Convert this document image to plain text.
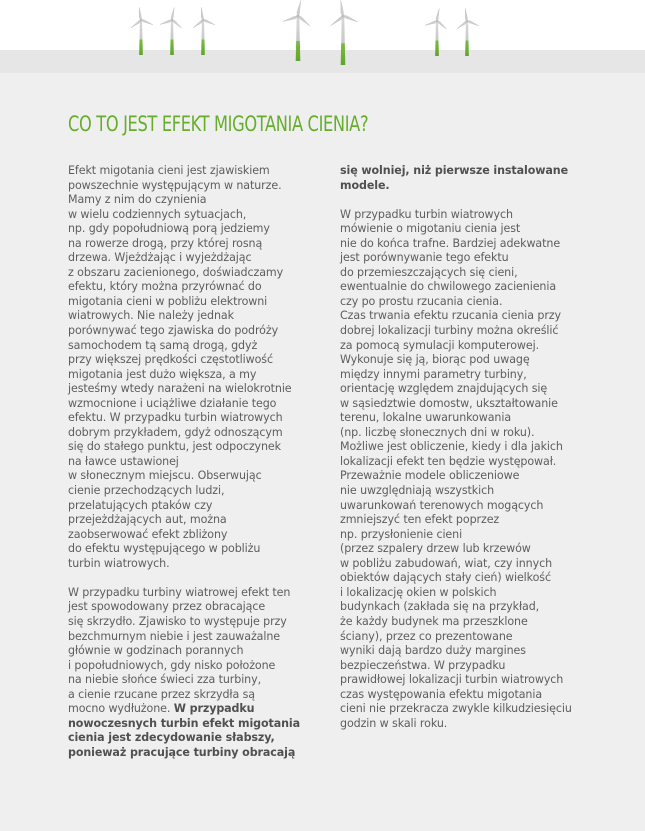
CO TO JEST EFEKT MIGOTANIA CIENIA?

Efekt migotania cieni jest zjawiskiem
powszechnie występującym w naturze.
Mamy z nim do czynienia
w wielu codziennych sytuacjach,
np. gdy popołudniową porą jedziemy
na rowerze drogą, przy której rosną
drzewa. Wjeżdżając i wyjeżdżając
z obszaru zacienionego, doświadczamy
efektu, który można przyrównać do
migotania cieni w pobliżu elektrowni
wiatrowych. Nie należy jednak
porównywać tego zjawiska do podróży
samochodem tą samą drogą, gdyż
przy większej prędkości częstotliwość
migotania jest dużo większa, a my
jesteśmy wtedy narażeni na wielokrotnie
wzmocnione i uciążliwe działanie tego
efektu. W przypadku turbin wiatrowych
dobrym przykładem, gdyż odnoszącym
się do stałego punktu, jest odpoczynek
na ławce ustawionej
w słonecznym miejscu. Obserwując
cienie przechodzących ludzi,
przelatujących ptaków czy
przejeżdżających aut, można
zaobserwować efekt zbliżony
do efektu występującego w pobliżu
turbin wiatrowych.

W przypadku turbiny wiatrowej efekt ten
jest spowodowany przez obracające
się skrzydło. Zjawisko to występuje przy
bezchmurnym niebie i jest zauważalne
głównie w godzinach porannych
i popołudniowych, gdy nisko położone
na niebie słońce świeci zza turbiny,
a cienie rzucane przez skrzydła są
mocno wydłużone. W przypadku
nowoczesnych turbin efekt migotania
cienia jest zdecydowanie słabszy,
ponieważ pracujące turbiny obracają

się wolniej, niż pierwsze instalowane
modele.

W przypadku turbin wiatrowych
mówienie o migotaniu cienia jest
nie do końca trafne. Bardziej adekwatne
jest porównywanie tego efektu
do przemieszczających się cieni,
ewentualnie do chwilowego zacienienia
czy po prostu rzucania cienia.
Czas trwania efektu rzucania cienia przy
dobrej lokalizacji turbiny można określić
za pomocą symulacji komputerowej.
Wykonuje się ją, biorąc pod uwagę
między innymi parametry turbiny,
orientację względem znajdujących się
w sąsiedztwie domostw, ukształtowanie
terenu, lokalne uwarunkowania
(np. liczbę słonecznych dni w roku).
Możliwe jest obliczenie, kiedy i dla jakich
lokalizacji efekt ten będzie występował.
Przeważnie modele obliczeniowe
nie uwzględniają wszystkich
uwarunkowań terenowych mogących
zmniejszyć ten efekt poprzez
np. przysłonienie cieni
(przez szpalery drzew lub krzewów
w pobliżu zabudowań, wiat, czy innych
obiektów dających stały cień) wielkość
i lokalizację okien w polskich
budynkach (zakłada się na przykład,
że każdy budynek ma przeszklone
ściany), przez co prezentowane
wyniki dają bardzo duży margines
bezpieczeństwa. W przypadku
prawidłowej lokalizacji turbin wiatrowych
czas występowania efektu migotania
cieni nie przekracza zwykle kilkudziesięciu
godzin w skali roku.
